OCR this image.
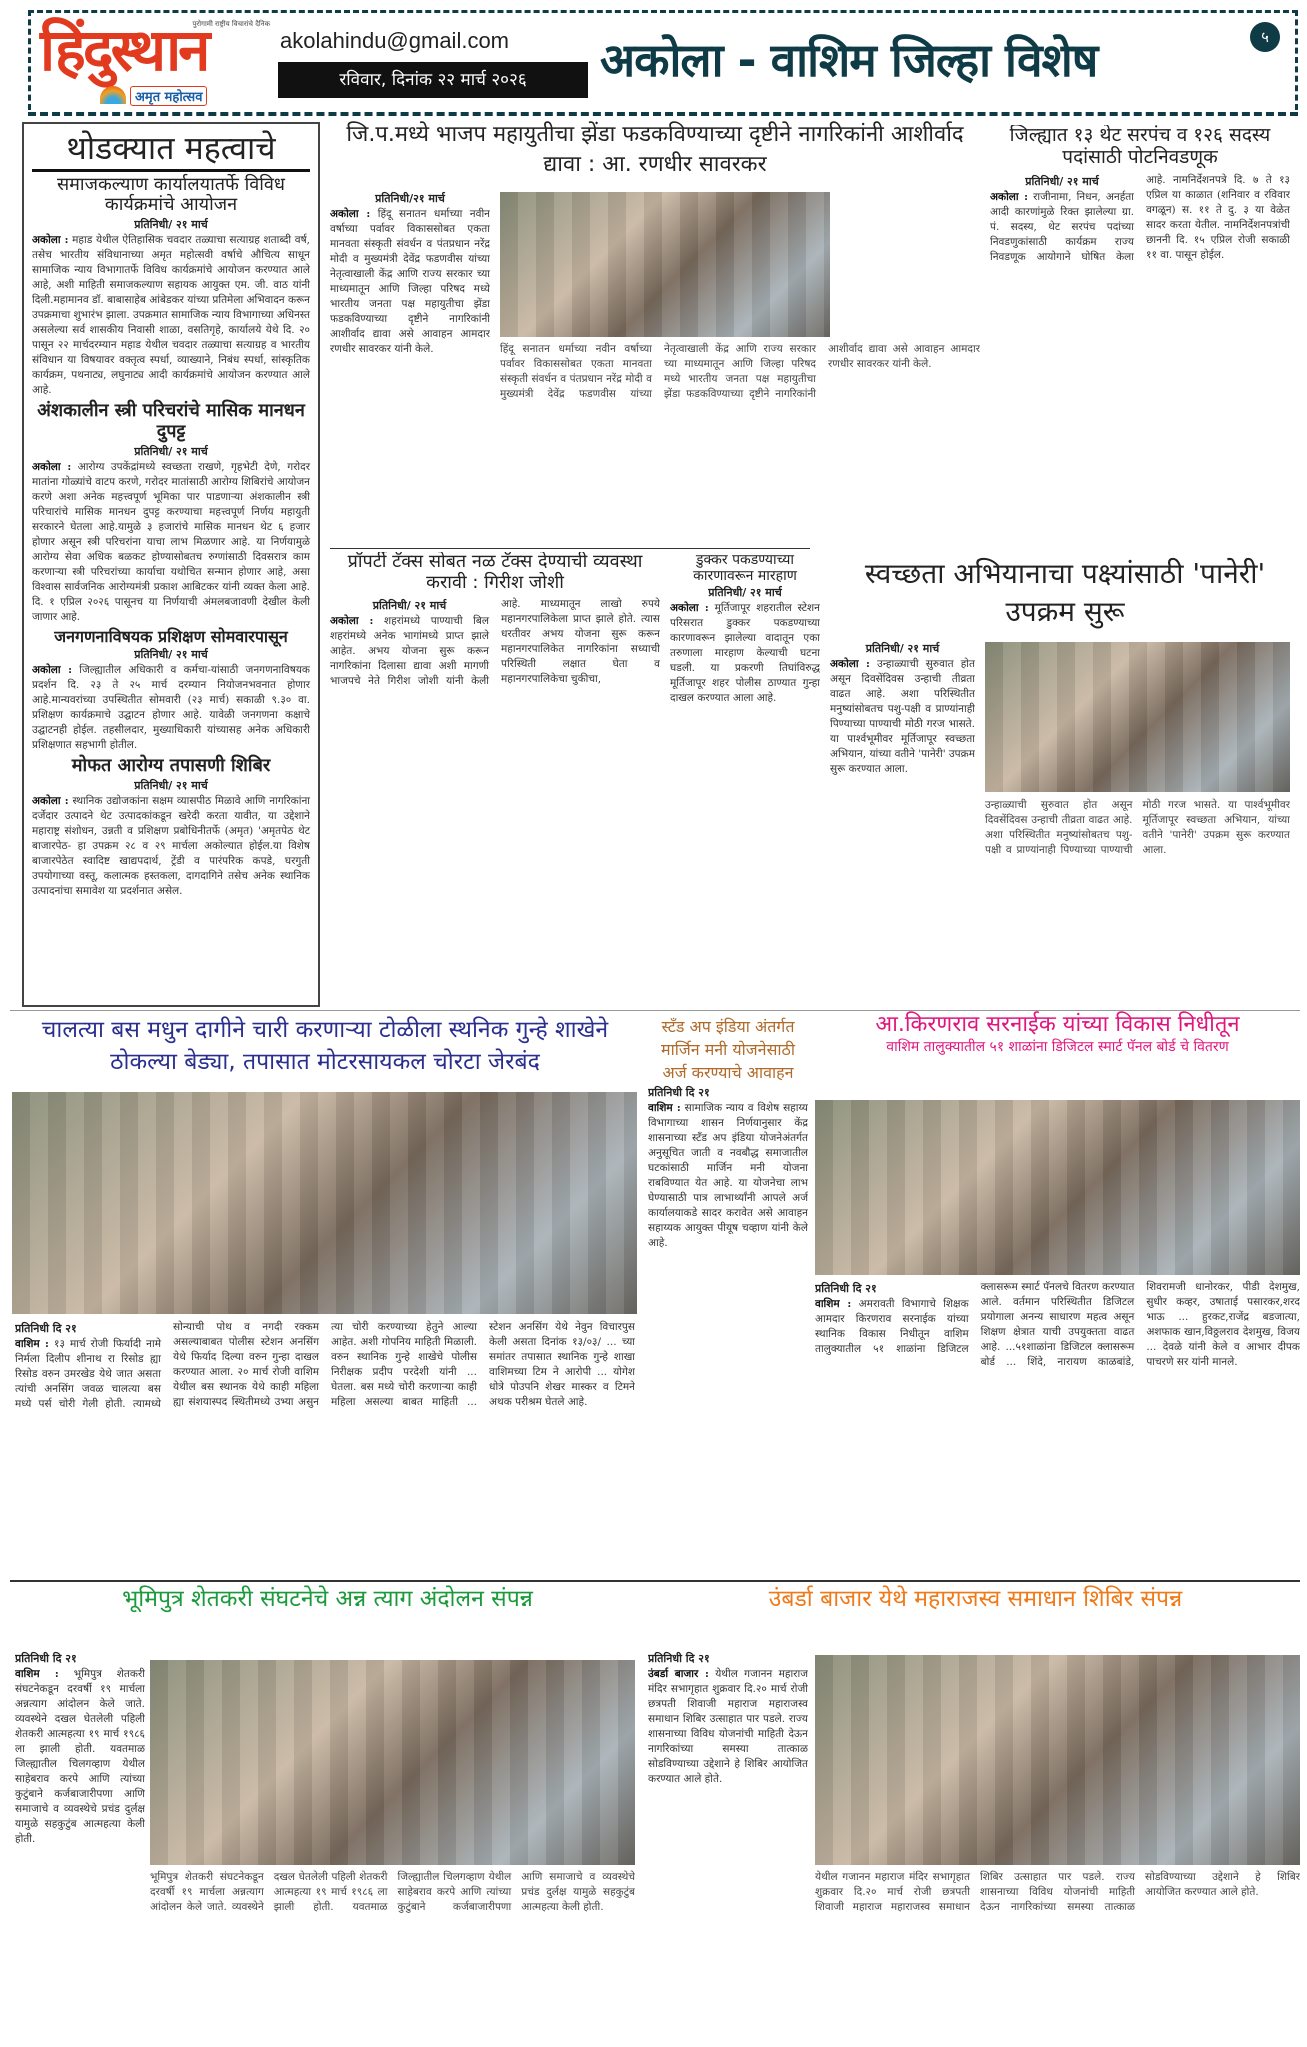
हिंदुस्थान
पुरोगामी राष्ट्रीय विचारांचे दैनिक
अमृत महोत्सव
akolahindu@gmail.com
रविवार, दिनांक २२ मार्च २०२६	अकोला - वाशिम जिल्हा विशेष	५
थोडक्यात महत्वाचे
समाजकल्याण कार्यालयातर्फे विविध कार्यक्रमांचे आयोजन
प्रतिनिधी/ २१ मार्च

अकोला : महाड येथील ऐतिहासिक चवदार तळ्याचा सत्याग्रह शताब्दी वर्ष, तसेच भारतीय संविधानाच्या अमृत महोत्सवी वर्षाचे औचित्य साधून सामाजिक न्याय विभागातर्फे विविध कार्यक्रमांचे आयोजन करण्यात आले आहे, अशी माहिती समाजकल्याण सहायक आयुक्त एम. जी. वाठ यांनी दिली.महामानव डॉ. बाबासाहेब आंबेडकर यांच्या प्रतिमेला अभिवादन करून उपक्रमाचा शुभारंभ झाला. उपक्रमात सामाजिक न्याय विभागाच्या अधिनस्त असलेल्या सर्व शासकीय निवासी शाळा, वसतिगृहे, कार्यालये येथे दि. २० पासून २२ मार्चदरम्यान महाड येथील चवदार तळ्याचा सत्याग्रह व भारतीय संविधान या विषयावर वक्तृत्व स्पर्धा, व्याख्याने, निबंध स्पर्धा, सांस्कृतिक कार्यक्रम, पथनाट्य, लघुनाट्य आदी कार्यक्रमांचे आयोजन करण्यात आले आहे.

अंशकालीन स्त्री परिचरांचे मासिक मानधन दुपट्ट
प्रतिनिधी/ २१ मार्च

अकोला : आरोग्य उपकेंद्रांमध्ये स्वच्छता राखणे, गृहभेटी देणे, गरोदर मातांना गोळ्यांचे वाटप करणे, गरोदर मातांसाठी आरोग्य शिबिरांचे आयोजन करणे अशा अनेक महत्त्वपूर्ण भूमिका पार पाडणाऱ्या अंशकालीन स्त्री परिचारांचे मासिक मानधन दुपट्ट करण्याचा महत्त्वपूर्ण निर्णय महायुती सरकारने घेतला आहे.यामुळे ३ हजारांचे मासिक मानधन थेट ६ हजार होणार असून स्त्री परिचरांना याचा लाभ मिळणार आहे. या निर्णयामुळे आरोग्य सेवा अधिक बळकट होण्यासोबतच रुग्णांसाठी दिवसरात्र काम करणाऱ्या स्त्री परिचरांच्या कार्याचा यथोचित सन्मान होणार आहे, असा विश्वास सार्वजनिक आरोग्यमंत्री प्रकाश आबिटकर यांनी व्यक्त केला आहे. दि. १ एप्रिल २०२६ पासूनच या निर्णयाची अंमलबजावणी देखील केली जाणार आहे.

जनगणनाविषयक प्रशिक्षण सोमवारपासून
प्रतिनिधी/ २१ मार्च

अकोला : जिल्ह्यातील अधिकारी व कर्मचा-यांसाठी जनगणनाविषयक प्रदर्शन दि. २३ ते २५ मार्च दरम्यान नियोजनभवनात होणार आहे.मान्यवरांच्या उपस्थितीत सोमवारी (२३ मार्च) सकाळी ९.३० वा. प्रशिक्षण कार्यक्रमाचे उद्घाटन होणार आहे. यावेळी जनगणना कक्षाचे उद्घाटनही होईल. तहसीलदार, मुख्याधिकारी यांच्यासह अनेक अधिकारी प्रशिक्षणात सहभागी होतील.

मोफत आरोग्य तपासणी शिबिर
प्रतिनिधी/ २१ मार्च

अकोला : स्थानिक उद्योजकांना सक्षम व्यासपीठ मिळावे आणि नागरिकांना दर्जेदार उत्पादने थेट उत्पादकांकडून खरेदी करता यावीत, या उद्देशाने महाराष्ट्र संशोधन, उन्नती व प्रशिक्षण प्रबोधिनीतर्फे (अमृत) 'अमृतपेठ थेट बाजारपेठ- हा उपक्रम २८ व २९ मार्चला अकोल्यात होईल.या विशेष बाजारपेठेत स्वादिष्ट खाद्यपदार्थ, ट्रेंडी व पारंपरिक कपडे, घरगुती उपयोगाच्या वस्तू, कलात्मक हस्तकला, दागदागिने तसेच अनेक स्थानिक उत्पादनांचा समावेश या प्रदर्शनात असेल.

जि.प.मध्ये भाजप महायुतीचा झेंडा फडकविण्याच्या दृष्टीने नागरिकांनी आशीर्वाद द्यावा : आ. रणधीर सावरकर
प्रतिनिधी/२१ मार्च

अकोला : हिंदू सनातन धर्माच्या नवीन वर्षाच्या पर्वावर विकाससोबत एकता मानवता संस्कृती संवर्धन व पंतप्रधान नरेंद्र मोदी व मुख्यमंत्री देवेंद्र फडणवीस यांच्या नेतृत्वाखाली केंद्र आणि राज्य सरकार च्या माध्यमातून आणि जिल्हा परिषद मध्ये भारतीय जनता पक्ष महायुतीचा झेंडा फडकविण्याच्या दृष्टीने नागरिकांनी आशीर्वाद द्यावा असे आवाहन आमदार रणधीर सावरकर यांनी केले.	हिंदू सनातन धर्माच्या नवीन वर्षाच्या पर्वावर विकाससोबत एकता मानवता संस्कृती संवर्धन व पंतप्रधान नरेंद्र मोदी व मुख्यमंत्री देवेंद्र फडणवीस यांच्या नेतृत्वाखाली केंद्र आणि राज्य सरकार च्या माध्यमातून आणि जिल्हा परिषद मध्ये भारतीय जनता पक्ष महायुतीचा झेंडा फडकविण्याच्या दृष्टीने नागरिकांनी आशीर्वाद द्यावा असे आवाहन आमदार रणधीर सावरकर यांनी केले.
जिल्ह्यात १३ थेट सरपंच व १२६ सदस्य पदांसाठी पोटनिवडणूक
प्रतिनिधी/ २१ मार्च

अकोला : राजीनामा, निधन, अनर्हता आदी कारणांमुळे रिक्त झालेल्या ग्रा. पं. सदस्य, थेट सरपंच पदांच्या निवडणुकांसाठी कार्यक्रम राज्य निवडणूक आयोगाने घोषित केला आहे. नामनिर्देशनपत्रे दि. ७ ते १३ एप्रिल या काळात (शनिवार व रविवार वगळून) स. ११ ते दु. ३ या वेळेत सादर करता येतील. नामनिर्देशनपत्रांची छाननी दि. १५ एप्रिल रोजी सकाळी ११ वा. पासून होईल.

प्रॉपर्टी टॅक्स सोबत नळ टॅक्स देण्याची व्यवस्था करावी : गिरीश जोशी
प्रतिनिधी/ २१ मार्च

अकोला : शहरांमध्ये पाण्याची बिल शहरांमध्ये अनेक भागांमध्ये प्राप्त झाले आहेत. अभय योजना सुरू करून नागरिकांना दिलासा द्यावा अशी मागणी भाजपचे नेते गिरीश जोशी यांनी केली आहे. माध्यमातून लाखो रुपये महानगरपालिकेला प्राप्त झाले होते. त्यास धरतीवर अभय योजना सुरू करून महानगरपालिकेत नागरिकांना सध्याची परिस्थिती लक्षात घेता व महानगरपालिकेचा चुकीचा,

डुक्कर पकडण्याच्या कारणावरून मारहाण
प्रतिनिधी/ २१ मार्च

अकोला : मूर्तिजापूर शहरातील स्टेशन परिसरात डुक्कर पकडण्याच्या कारणावरून झालेल्या वादातून एका तरुणाला मारहाण केल्याची घटना घडली. या प्रकरणी तिघांविरुद्ध मूर्तिजापूर शहर पोलीस ठाण्यात गुन्हा दाखल करण्यात आला आहे.

स्वच्छता अभियानाचा पक्ष्यांसाठी 'पानेरी' उपक्रम सुरू
प्रतिनिधी/ २१ मार्च

अकोला : उन्हाळ्याची सुरुवात होत असून दिवसेंदिवस उन्हाची तीव्रता वाढत आहे. अशा परिस्थितीत मनुष्यांसोबतच पशु-पक्षी व प्राण्यांनाही पिण्याच्या पाण्याची मोठी गरज भासते. या पार्श्वभूमीवर मूर्तिजापूर स्वच्छता अभियान, यांच्या वतीने 'पानेरी' उपक्रम सुरू करण्यात आला.

उन्हाळ्याची सुरुवात होत असून दिवसेंदिवस उन्हाची तीव्रता वाढत आहे. अशा परिस्थितीत मनुष्यांसोबतच पशु-पक्षी व प्राण्यांनाही पिण्याच्या पाण्याची मोठी गरज भासते. या पार्श्वभूमीवर मूर्तिजापूर स्वच्छता अभियान, यांच्या वतीने 'पानेरी' उपक्रम सुरू करण्यात आला.
चालत्या बस मधुन दागीने चारी करणाऱ्या टोळीला स्थनिक गुन्हे शाखेने ठोकल्या बेड्या, तपासात मोटरसायकल चोरटा जेरबंद
प्रतिनिधी दि २१

वाशिम : १३ मार्च रोजी फिर्यादी नामे निर्मला दिलीप शीनाथ रा रिसोड ह्या रिसोड वरुन उमरखेड येथे जात असता त्यांची अनसिंग जवळ चालत्या बस मध्ये पर्स चोरी गेली होती. त्यामध्ये सोन्याची पोथ व नगदी रक्कम असल्याबाबत पोलीस स्टेशन अनसिंग येथे फिर्याद दिल्या वरुन गुन्हा दाखल करण्यात आला. २० मार्च रोजी वाशिम येथील बस स्थानक येथे काही महिला ह्या संशयास्पद स्थितीमध्ये उभ्या असुन त्या चोरी करण्याच्या हेतुने आल्या आहेत. अशी गोपनिय माहिती मिळाली. वरुन स्थानिक गुन्हे शाखेचे पोलीस निरीक्षक प्रदीप परदेशी यांनी ... घेतला. बस मध्ये चोरी करणाऱ्या काही महिला असल्या बाबत माहिती ... स्टेशन अनसिंग येथे नेवुन विचारपुस केली असता दिनांक १३/०३/ ... च्या समांतर तपासात स्थानिक गुन्हे शाखा वाशिमच्या टिम ने आरोपी ... योगेश धोत्रे पोउपनि शेखर मास्कर व टिमने अथक परीश्रम घेतले आहे.

स्टँड अप इंडिया अंतर्गत मार्जिन मनी योजनेसाठी अर्ज करण्याचे आवाहन
प्रतिनिधी दि २१

वाशिम : सामाजिक न्याय व विशेष सहाय्य विभागाच्या शासन निर्णयानुसार केंद्र शासनाच्या स्टँड अप इंडिया योजनेअंतर्गत अनुसूचित जाती व नवबौद्ध समाजातील घटकांसाठी मार्जिन मनी योजना राबविण्यात येत आहे. या योजनेचा लाभ घेण्यासाठी पात्र लाभार्थ्यांनी आपले अर्ज कार्यालयाकडे सादर करावेत असे आवाहन सहाय्यक आयुक्त पीयूष चव्हाण यांनी केले आहे.

आ.किरणराव सरनाईक यांच्या विकास निधीतून
वाशिम तालुक्यातील ५१ शाळांना डिजिटल स्मार्ट पॅनल बोर्ड चे वितरण
प्रतिनिधी दि २१

वाशिम : अमरावती विभागाचे शिक्षक आमदार किरणराव सरनाईक यांच्या स्थानिक विकास निधीतून वाशिम तालुक्यातील ५१ शाळांना डिजिटल क्लासरूम स्मार्ट पॅनलचे वितरण करण्यात आले. वर्तमान परिस्थितीत डिजिटल प्रयोगाला अनन्य साधारण महत्व असून शिक्षण क्षेत्रात याची उपयुक्तता वाढत आहे. ...५१शाळांना डिजिटल क्लासरूम बोर्ड ... शिंदे, नारायण काळबांडे, शिवरामजी धानोरकर, पीडी देशमुख, सुधीर कव्हर, उषाताई पसारकर,शरद भाऊ ... हुरकट,राजेंद्र बडजात्या, अशफाक खान,विठ्ठलराव देशमुख, विजय ... देवळे यांनी केले व आभार दीपक पाचरणे सर यांनी मानले.

भूमिपुत्र शेतकरी संघटनेचे अन्न त्याग अंदोलन संपन्न
प्रतिनिधी दि २१

वाशिम : भूमिपुत्र शेतकरी संघटनेकडून दरवर्षी १९ मार्चला अन्नत्याग आंदोलन केले जाते. व्यवस्थेने दखल घेतलेली पहिली शेतकरी आत्महत्या १९ मार्च १९८६ ला झाली होती. यवतमाळ जिल्ह्यातील चिलगव्हाण येथील साहेबराव करपे आणि त्यांच्या कुटुंबाने कर्जबाजारीपणा आणि समाजाचे व व्यवस्थेचे प्रचंड दुर्लक्ष यामुळे सहकुटुंब आत्महत्या केली होती.

भूमिपुत्र शेतकरी संघटनेकडून दरवर्षी १९ मार्चला अन्नत्याग आंदोलन केले जाते. व्यवस्थेने दखल घेतलेली पहिली शेतकरी आत्महत्या १९ मार्च १९८६ ला झाली होती. यवतमाळ जिल्ह्यातील चिलगव्हाण येथील साहेबराव करपे आणि त्यांच्या कुटुंबाने कर्जबाजारीपणा आणि समाजाचे व व्यवस्थेचे प्रचंड दुर्लक्ष यामुळे सहकुटुंब आत्महत्या केली होती.
उंबर्डा बाजार येथे महाराजस्व समाधान शिबिर संपन्न
प्रतिनिधी दि २१

उंबर्डा बाजार : येथील गजानन महाराज मंदिर सभागृहात शुक्रवार दि.२० मार्च रोजी छत्रपती शिवाजी महाराज महाराजस्व समाधान शिबिर उत्साहात पार पडले. राज्य शासनाच्या विविध योजनांची माहिती देऊन नागरिकांच्या समस्या तात्काळ सोडविण्याच्या उद्देशाने हे शिबिर आयोजित करण्यात आले होते.

येथील गजानन महाराज मंदिर सभागृहात शुक्रवार दि.२० मार्च रोजी छत्रपती शिवाजी महाराज महाराजस्व समाधान शिबिर उत्साहात पार पडले. राज्य शासनाच्या विविध योजनांची माहिती देऊन नागरिकांच्या समस्या तात्काळ सोडविण्याच्या उद्देशाने हे शिबिर आयोजित करण्यात आले होते.
